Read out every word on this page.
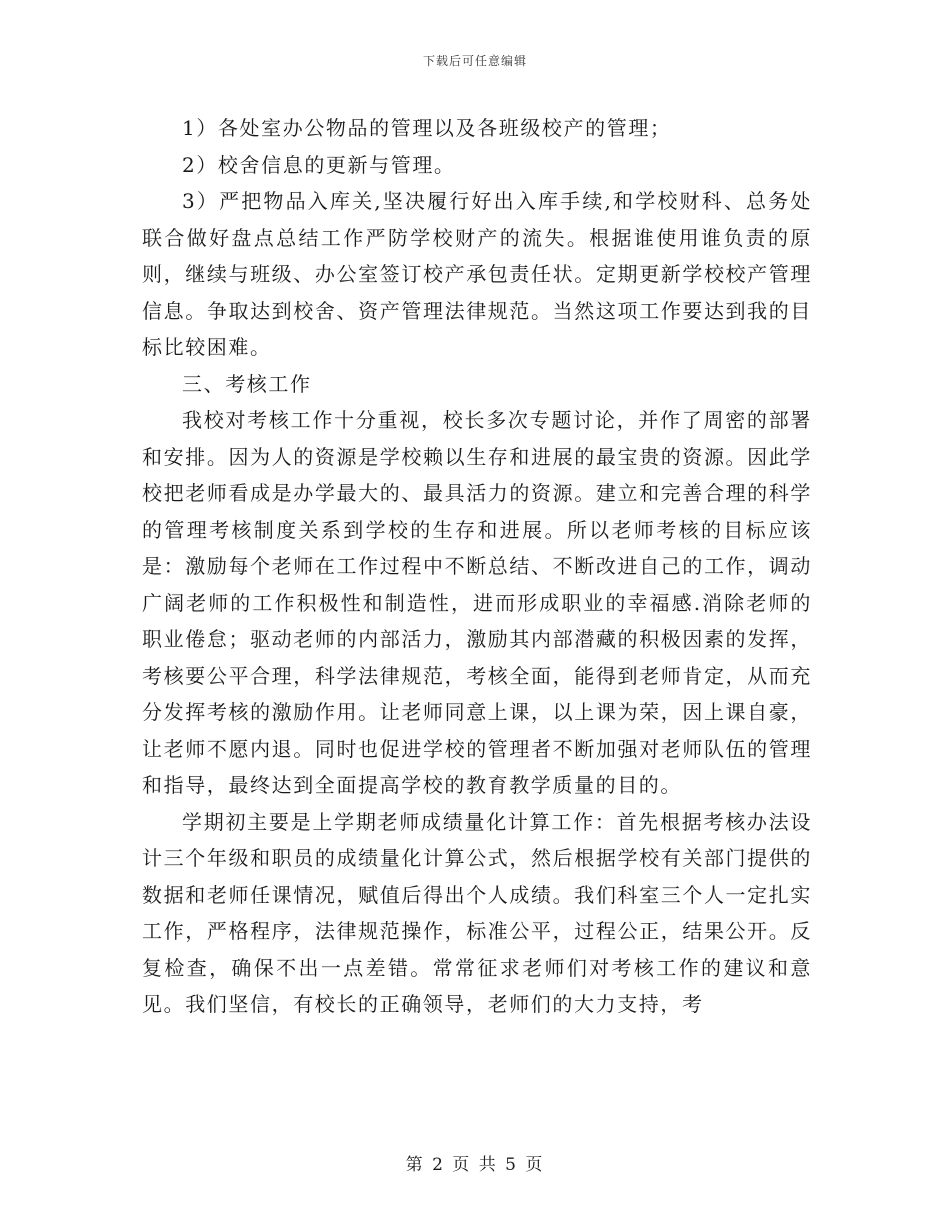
下载后可任意编辑

1）各处室办公物品的管理以及各班级校产的管理；

2）校舍信息的更新与管理。

3）严把物品入库关,坚决履行好出入库手续,和学校财科、总务处联合做好盘点总结工作严防学校财产的流失。根据谁使用谁负责的原则，继续与班级、办公室签订校产承包责任状。定期更新学校校产管理信息。争取达到校舍、资产管理法律规范。当然这项工作要达到我的目标比较困难。

三、考核工作

我校对考核工作十分重视，校长多次专题讨论，并作了周密的部署和安排。因为人的资源是学校赖以生存和进展的最宝贵的资源。因此学校把老师看成是办学最大的、最具活力的资源。建立和完善合理的科学的管理考核制度关系到学校的生存和进展。所以老师考核的目标应该是：激励每个老师在工作过程中不断总结、不断改进自己的工作，调动广阔老师的工作积极性和制造性，进而形成职业的幸福感.消除老师的职业倦怠；驱动老师的内部活力，激励其内部潜藏的积极因素的发挥，考核要公平合理，科学法律规范，考核全面，能得到老师肯定，从而充分发挥考核的激励作用。让老师同意上课，以上课为荣，因上课自豪，让老师不愿内退。同时也促进学校的管理者不断加强对老师队伍的管理和指导，最终达到全面提高学校的教育教学质量的目的。

学期初主要是上学期老师成绩量化计算工作：首先根据考核办法设计三个年级和职员的成绩量化计算公式，然后根据学校有关部门提供的数据和老师任课情况，赋值后得出个人成绩。我们科室三个人一定扎实工作，严格程序，法律规范操作，标准公平，过程公正，结果公开。反复检查，确保不出一点差错。常常征求老师们对考核工作的建议和意见。我们坚信，有校长的正确领导，老师们的大力支持，考

第 2 页 共 5 页
